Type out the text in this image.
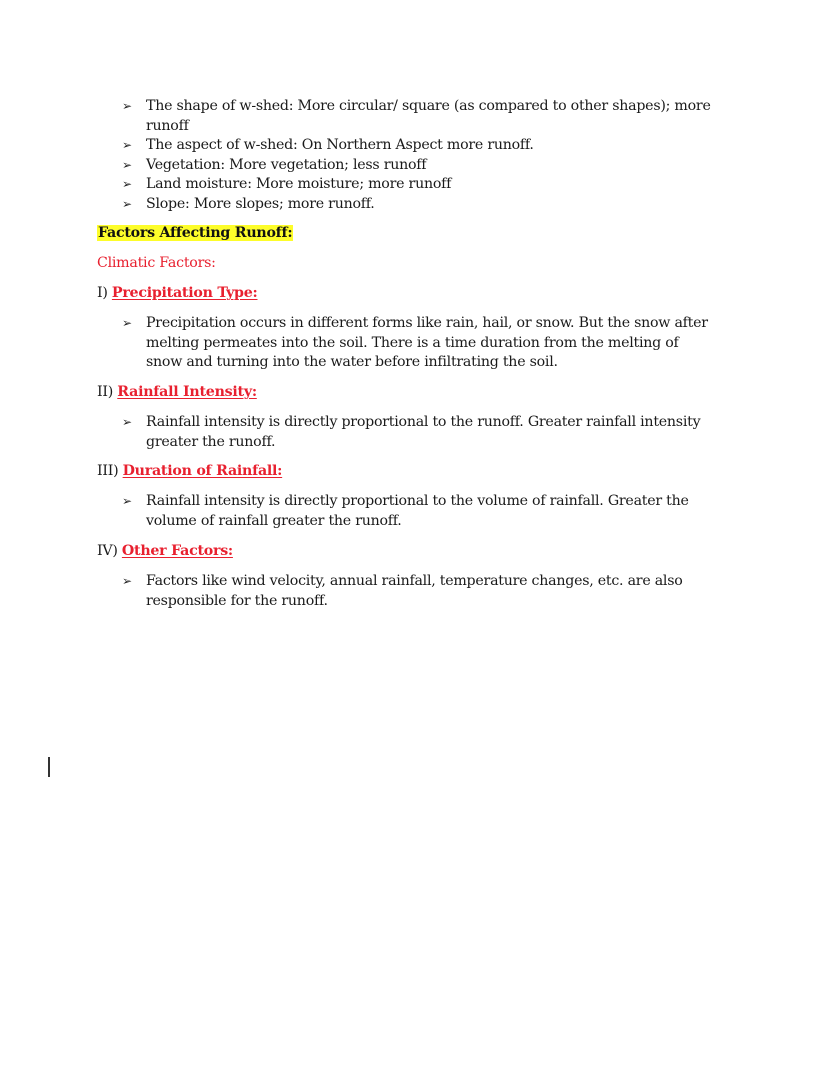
➢ The shape of w-shed: More circular/ square (as compared to other shapes); more runoff
➢ The aspect of w-shed: On Northern Aspect more runoff.
➢ Vegetation: More vegetation; less runoff
➢ Land moisture: More moisture; more runoff
➢ Slope: More slopes; more runoff.
Factors Affecting Runoff:
Climatic Factors:
I) Precipitation Type:
➢ Precipitation occurs in different forms like rain, hail, or snow. But the snow after melting permeates into the soil. There is a time duration from the melting of snow and turning into the water before infiltrating the soil.
II) Rainfall Intensity:
➢ Rainfall intensity is directly proportional to the runoff. Greater rainfall intensity greater the runoff.
III) Duration of Rainfall:
➢ Rainfall intensity is directly proportional to the volume of rainfall. Greater the volume of rainfall greater the runoff.
IV) Other Factors:
➢ Factors like wind velocity, annual rainfall, temperature changes, etc. are also responsible for the runoff.
